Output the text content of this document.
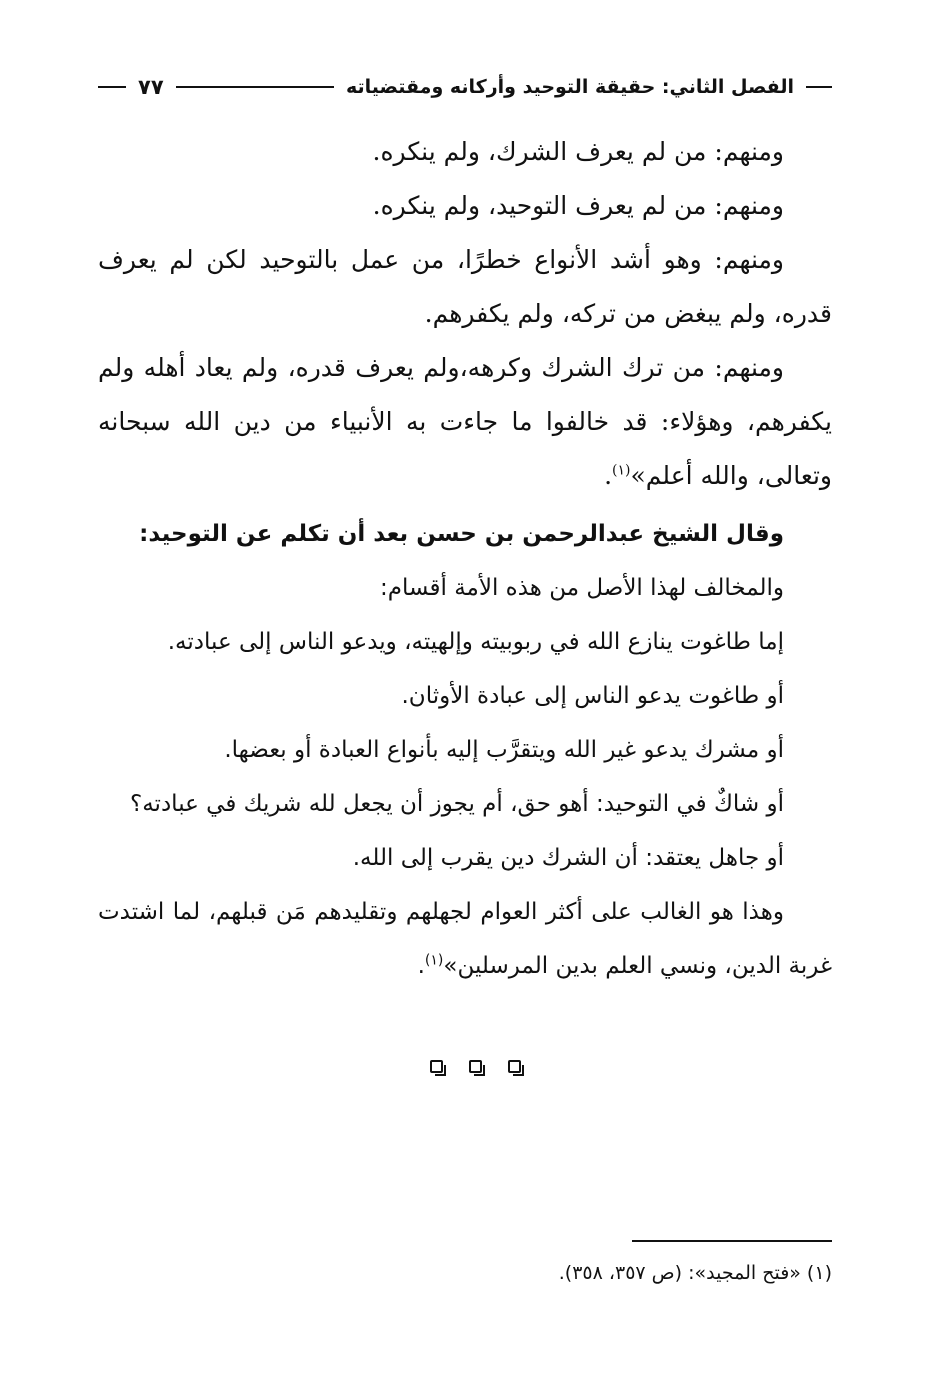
الفصل الثاني: حقيقة التوحيد وأركانه ومقتضياته
٧٧

ومنهم: من لم يعرف الشرك، ولم ينكره.

ومنهم: من لم يعرف التوحيد، ولم ينكره.

ومنهم: وهو أشد الأنواع خطرًا، من عمل بالتوحيد لكن لم يعرف قدره، ولم يبغض من تركه، ولم يكفرهم.

ومنهم: من ترك الشرك وكرهه،ولم يعرف قدره، ولم يعاد أهله ولم يكفرهم، وهؤلاء: قد خالفوا ما جاءت به الأنبياء من دين الله سبحانه وتعالى، والله أعلم»$^{(١)}$.

وقال الشيخ عبدالرحمن بن حسن بعد أن تكلم عن التوحيد:

والمخالف لهذا الأصل من هذه الأمة أقسام:

إما طاغوت ينازع الله في ربوبيته وإلهيته، ويدعو الناس إلى عبادته.

أو طاغوت يدعو الناس إلى عبادة الأوثان.

أو مشرك يدعو غير الله ويتقرَّب إليه بأنواع العبادة أو بعضها.

أو شاكٌ في التوحيد: أهو حق، أم يجوز أن يجعل لله شريك في عبادته؟

أو جاهل يعتقد: أن الشرك دين يقرب إلى الله.

وهذا هو الغالب على أكثر العوام لجهلهم وتقليدهم مَن قبلهم، لما اشتدت غربة الدين، ونسي العلم بدين المرسلين»$^{(١)}$.

(١) «فتح المجيد»: (ص ٣٥٧، ٣٥٨).
